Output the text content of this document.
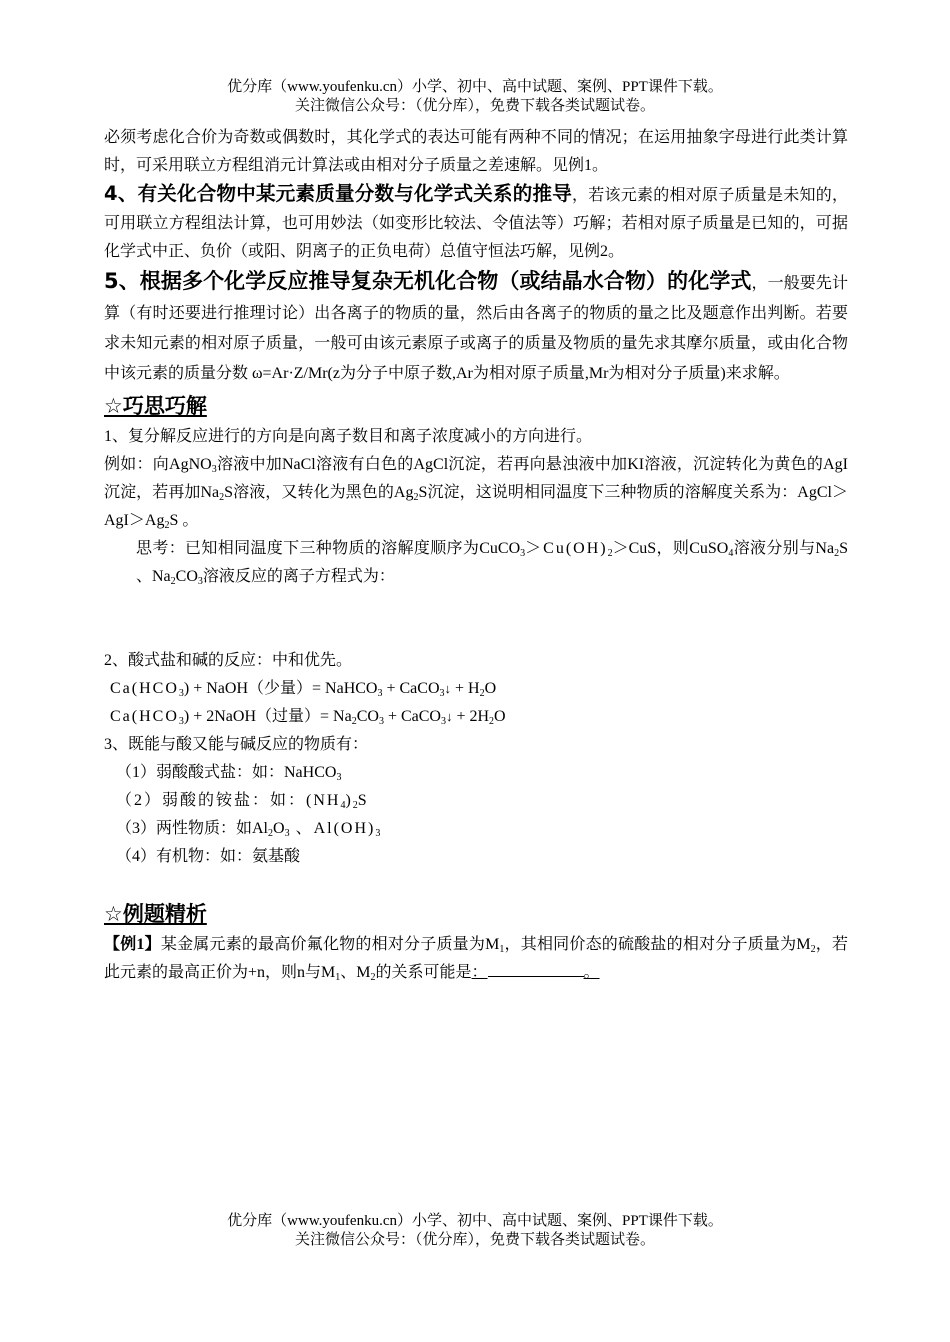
优分库（www.youfenku.cn）小学、初中、高中试题、案例、PPT课件下载。
关注微信公众号：（优分库），免费下载各类试题试卷。

必须考虑化合价为奇数或偶数时，其化学式的表达可能有两种不同的情况；在运用抽象字母进行此类计算时，可采用联立方程组消元计算法或由相对分子质量之差速解。见例1。

4、有关化合物中某元素质量分数与化学式关系的推导，若该元素的相对原子质量是未知的，可用联立方程组法计算，也可用妙法（如变形比较法、令值法等）巧解；若相对原子质量是已知的，可据化学式中正、负价（或阳、阴离子的正负电荷）总值守恒法巧解，见例2。

5、根据多个化学反应推导复杂无机化合物（或结晶水合物）的化学式，一般要先计算（有时还要进行推理讨论）出各离子的物质的量，然后由各离子的物质的量之比及题意作出判断。若要求未知元素的相对原子质量，一般可由该元素原子或离子的质量及物质的量先求其摩尔质量，或由化合物中该元素的质量分数 ω=Ar·Z/Mr(z为分子中原子数,Ar为相对原子质量,Mr为相对分子质量)来求解。

☆巧思巧解

1、复分解反应进行的方向是向离子数目和离子浓度减小的方向进行。

例如：向AgNO$_3$溶液中加NaCl溶液有白色的AgCl沉淀，若再向悬浊液中加KI溶液，沉淀转化为黄色的AgI沉淀，若再加$Na_2S$溶液，又转化为黑色的$Ag_2S$沉淀，这说明相同温度下三种物质的溶解度关系为：$AgCl>AgI>Ag_2S$ 。

思考：已知相同温度下三种物质的溶解度顺序为$CuCO_3>Cu(OH)_2>CuS$，则CuSO$_4$溶液分别与$Na_2S$ 、$Na_2CO_3$溶液反应的离子方程式为：

2、酸式盐和碱的反应：中和优先。

$Ca(HCO_3)$ + NaOH（少量）= NaHCO$_3$ + CaCO$_3$↓ + $H_2O$

$Ca(HCO_3)$ + 2NaOH（过量）= $Na_2CO_3$ + CaCO$_3$↓ + $2H_2O$

3、既能与酸又能与碱反应的物质有：

（1）弱酸酸式盐：如：NaHCO$_3$

（2）弱酸的铵盐：如：$(NH_4)_2S$

（3）两性物质：如$Al_2O_3$ 、$Al(OH)_3$

（4）有机物：如：氨基酸

☆例题精析

【例1】某金属元素的最高价氟化物的相对分子质量为$M_1$，其相同价态的硫酸盐的相对分子质量为$M_2$，若此元素的最高正价为+n，则n与$M_1$、$M_2$的关系可能是：	。

优分库（www.youfenku.cn）小学、初中、高中试题、案例、PPT课件下载。
关注微信公众号：（优分库），免费下载各类试题试卷。
